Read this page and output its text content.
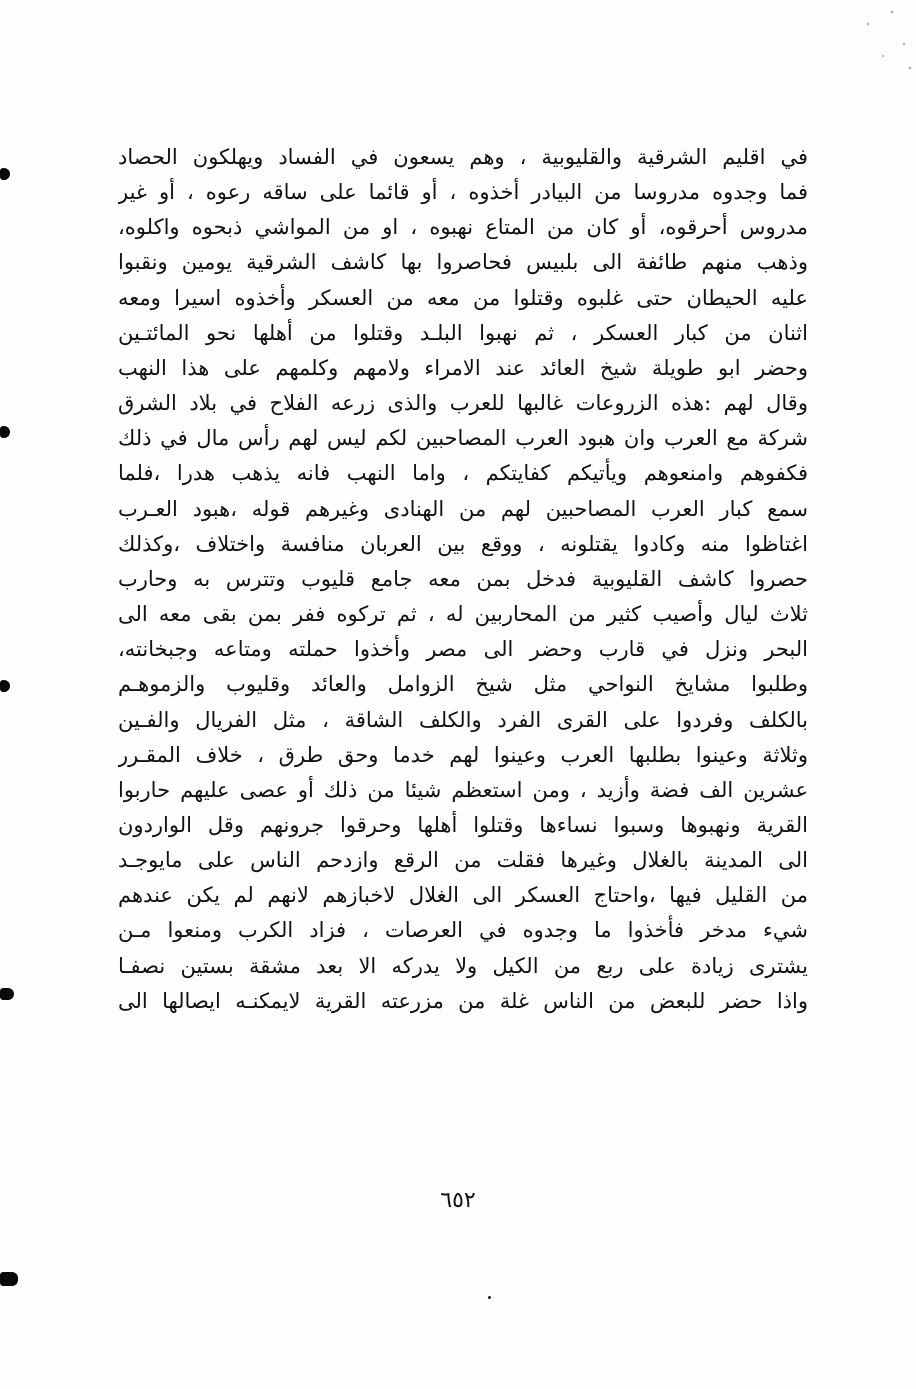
في اقليم الشرقية والقليوبية ، وهم يسعون في الفساد ويهلكون الحصاد
فما وجدوه مدروسا من البيادر أخذوه ، أو قائما على ساقه رعوه ، أو غير
مدروس أحرقوه، أو كان من المتاع نهبوه ، او من المواشي ذبحوه واكلوه،
وذهب منهم طائفة الى بلبيس فحاصروا بها كاشف الشرقية يومين ونقبوا
عليه الحيطان حتى غلبوه وقتلوا من معه من العسكر وأخذوه اسيرا ومعه
اثنان من كبار العسكر ، ثم نهبوا البلـد وقتلوا من أهلها نحو المائتـين
وحضر ابو طويلة شيخ العائد عند الامراء ولامهم وكلمهم على هذا النهب
وقال لهم :هذه الزروعات غالبها للعرب والذى زرعه الفلاح في بلاد الشرق
شركة مع العرب وان هبود العرب المصاحبين لكم ليس لهم رأس مال في ذلك
فكفوهم وامنعوهم ويأتيكم كفايتكم ، واما النهب فانه يذهب هدرا ،فلما
سمع كبار العرب المصاحبين لهم من الهنادى وغيرهم قوله ،هبود العـرب
اغتاظوا منه وكادوا يقتلونه ، ووقع بين العربان منافسة واختلاف ،وكذلك
حصروا كاشف القليوبية فدخل بمن معه جامع قليوب وتترس به وحارب
ثلاث ليال وأصيب كثير من المحاربين له ، ثم تركوه ففر بمن بقى معه الى
البحر ونزل في قارب وحضر الى مصر وأخذوا حملته ومتاعه وجبخانته،
وطلبوا مشايخ النواحي مثل شيخ الزوامل والعائد وقليوب والزموهـم
بالكلف وفردوا على القرى الفرد والكلف الشاقة ، مثل الفريال والفـين
وثلاثة وعينوا بطلبها العرب وعينوا لهم خدما وحق طرق ، خلاف المقـرر
عشرين الف فضة وأزيد ، ومن استعظم شيئا من ذلك أو عصى عليهم حاربوا
القرية ونهبوها وسبوا نساءها وقتلوا أهلها وحرقوا جرونهم وقل الواردون
الى المدينة بالغلال وغيرها فقلت من الرقع وازدحم الناس على مايوجـد
من القليل فيها ،واحتاج العسكر الى الغلال لاخبازهم لانهم لم يكن عندهم
شيء مدخر فأخذوا ما وجدوه في العرصات ، فزاد الكرب ومنعوا مـن
يشترى زيادة على ربع من الكيل ولا يدركه الا بعد مشقة بستين نصفـا
واذا حضر للبعض من الناس غلة من مزرعته القرية لايمكنـه ايصالها الى
٦٥٢
